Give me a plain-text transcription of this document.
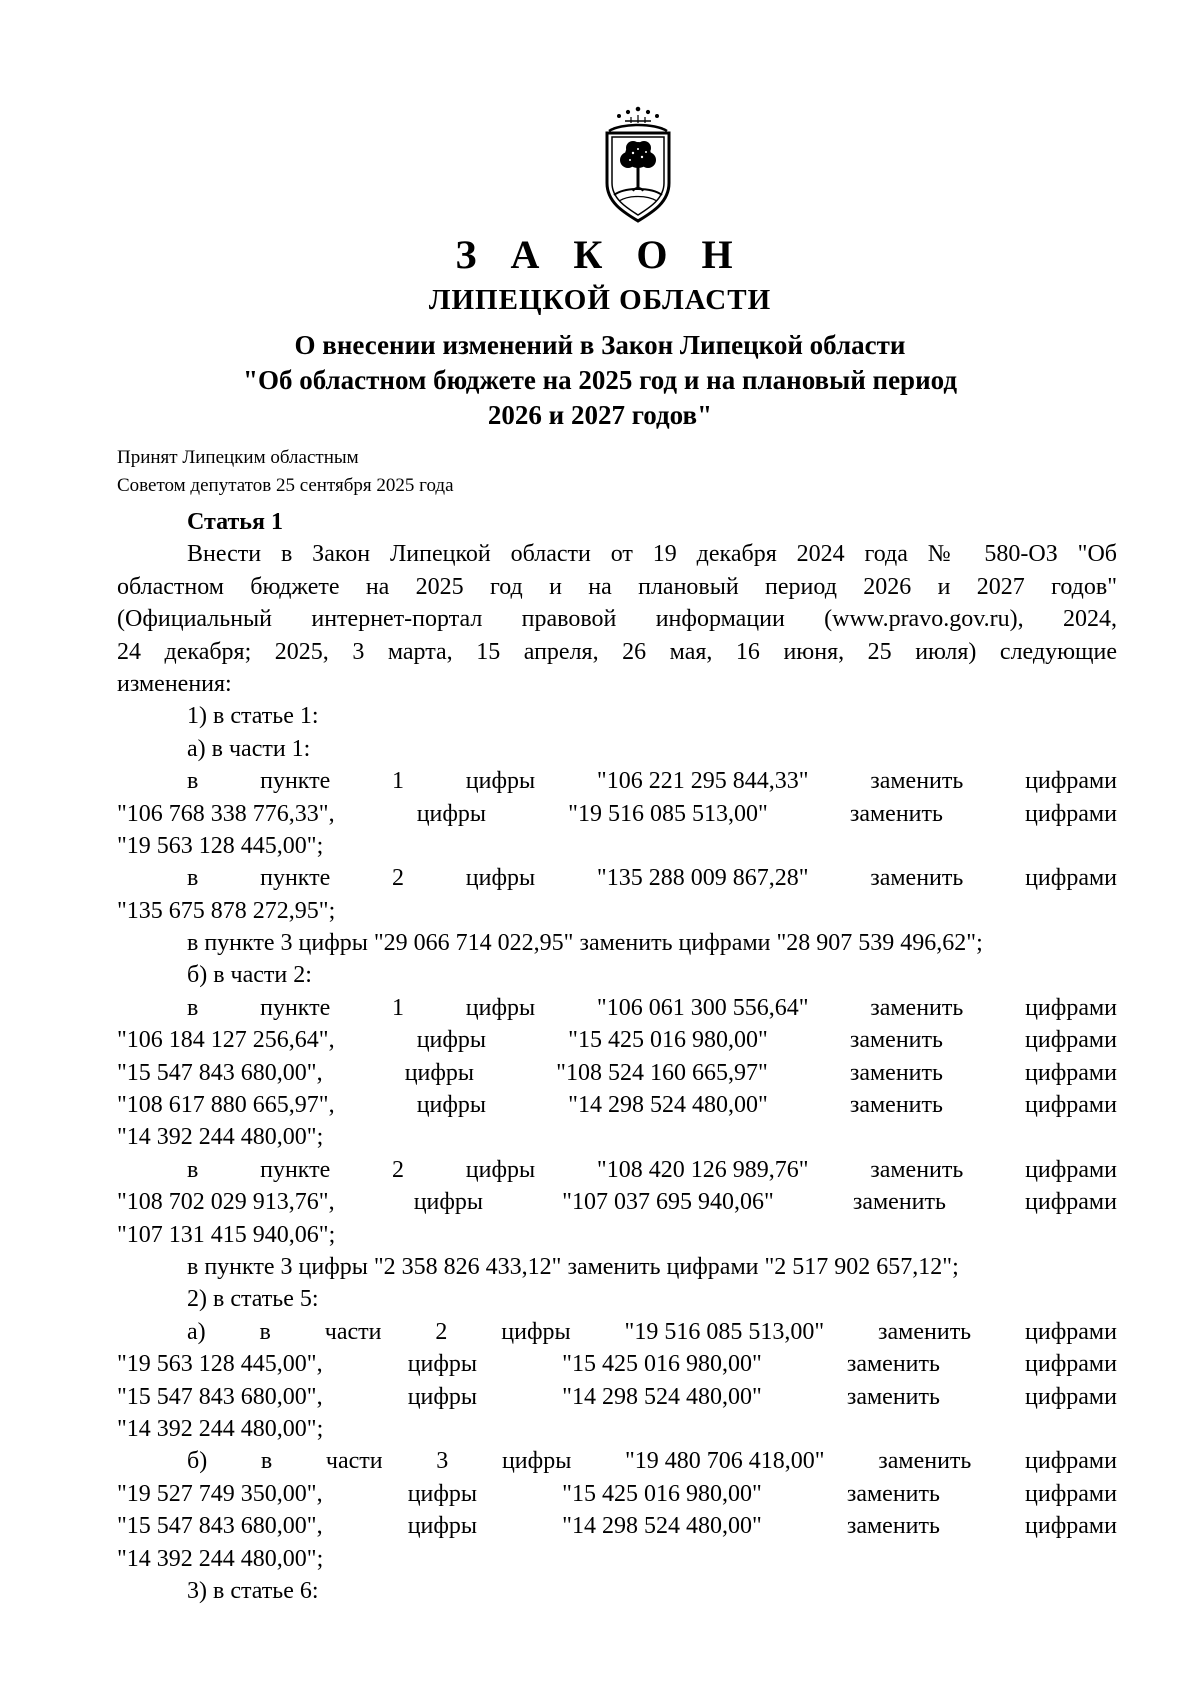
З А К О Н
ЛИПЕЦКОЙ ОБЛАСТИ
О внесении изменений в Закон Липецкой области
"Об областном бюджете на 2025 год и на плановый период
2026 и 2027 годов"
Принят Липецким областным
Советом депутатов 25 сентября 2025 года
Статья 1
Внести в Закон Липецкой области от 19 декабря 2024 года № 580-ОЗ "Об
областном бюджете на 2025 год и на плановый период 2026 и 2027 годов"
(Официальный интернет-портал правовой информации (www.pravo.gov.ru), 2024,
24 декабря; 2025, 3 марта, 15 апреля, 26 мая, 16 июня, 25 июля) следующие
изменения:
1) в статье 1:
а) в части 1:
в	пункте	1	цифры	"106 221 295 844,33"	заменить	цифрами
"106 768 338 776,33",	цифры	"19 516 085 513,00"	заменить	цифрами
"19 563 128 445,00";
в	пункте	2	цифры	"135 288 009 867,28"	заменить	цифрами
"135 675 878 272,95";
в пункте 3 цифры "29 066 714 022,95" заменить цифрами "28 907 539 496,62";
б) в части 2:
в	пункте	1	цифры	"106 061 300 556,64"	заменить	цифрами
"106 184 127 256,64",	цифры	"15 425 016 980,00"	заменить	цифрами
"15 547 843 680,00",	цифры	"108 524 160 665,97"	заменить	цифрами
"108 617 880 665,97",	цифры	"14 298 524 480,00"	заменить	цифрами
"14 392 244 480,00";
в	пункте	2	цифры	"108 420 126 989,76"	заменить	цифрами
"108 702 029 913,76",	цифры	"107 037 695 940,06"	заменить	цифрами
"107 131 415 940,06";
в пункте 3 цифры "2 358 826 433,12" заменить цифрами "2 517 902 657,12";
2) в статье 5:
а) в части 2 цифры "19 516 085 513,00" заменить цифрами
"19 563 128 445,00",	цифры	"15 425 016 980,00"	заменить	цифрами
"15 547 843 680,00",	цифры	"14 298 524 480,00"	заменить	цифрами
"14 392 244 480,00";
б) в части 3 цифры "19 480 706 418,00" заменить цифрами
"19 527 749 350,00",	цифры	"15 425 016 980,00"	заменить	цифрами
"15 547 843 680,00",	цифры	"14 298 524 480,00"	заменить	цифрами
"14 392 244 480,00";
3) в статье 6:
